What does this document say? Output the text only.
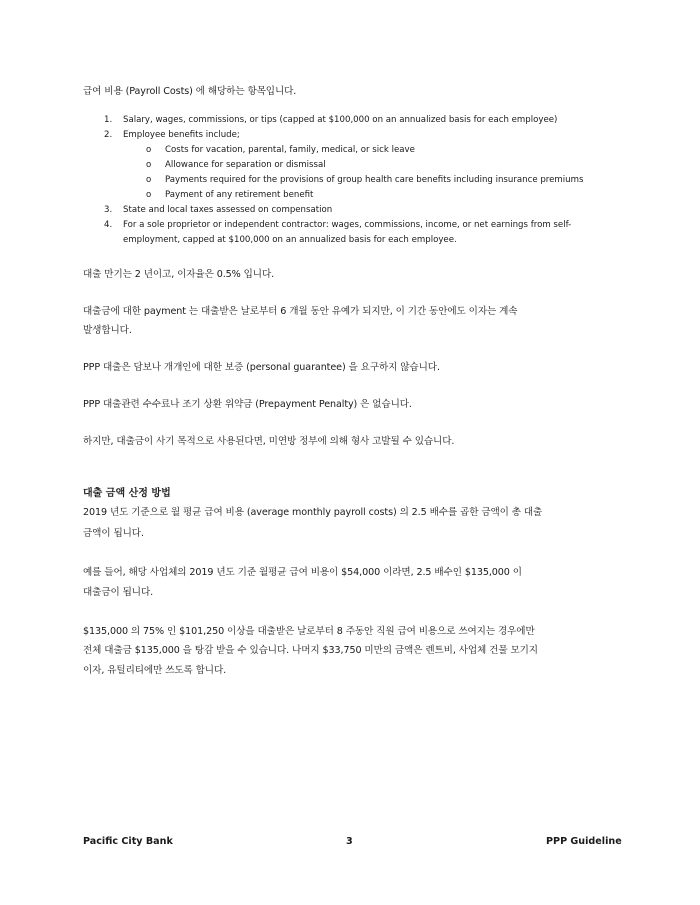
급여 비용 (Payroll Costs) 에 해당하는 항목입니다.
1. Salary, wages, commissions, or tips (capped at $100,000 on an annualized basis for each employee)
2. Employee benefits include;
o Costs for vacation, parental, family, medical, or sick leave
o Allowance for separation or dismissal
o Payments required for the provisions of group health care benefits including insurance premiums
o Payment of any retirement benefit
3. State and local taxes assessed on compensation
4. For a sole proprietor or independent contractor: wages, commissions, income, or net earnings from self-
employment, capped at $100,000 on an annualized basis for each employee.
대출 만기는 2 년이고, 이자율은 0.5% 입니다.
대출금에 대한 payment 는 대출받은 날로부터 6 개월 동안 유예가 되지만, 이 기간 동안에도 이자는 계속
발생합니다.
PPP 대출은 담보나 개개인에 대한 보증 (personal guarantee) 을 요구하지 않습니다.
PPP 대출관련 수수료나 조기 상환 위약금 (Prepayment Penalty) 은 없습니다.
하지만, 대출금이 사기 목적으로 사용된다면, 미연방 정부에 의해 형사 고발될 수 있습니다.
대출 금액 산정 방법
2019 년도 기준으로 월 평균 급여 비용 (average monthly payroll costs) 의 2.5 배수를 곱한 금액이 총 대출
금액이 됩니다.
예를 들어, 해당 사업체의 2019 년도 기준 월평균 급여 비용이 $54,000 이라면, 2.5 배수인 $135,000 이
대출금이 됩니다.
$135,000 의 75% 인 $101,250 이상을 대출받은 날로부터 8 주동안 직원 급여 비용으로 쓰여지는 경우에만
전체 대출금 $135,000 을 탕감 받을 수 있습니다. 나머지 $33,750 미만의 금액은 렌트비, 사업체 건물 모기지
이자, 유틸리티에만 쓰도록 합니다.
Pacific City Bank	3	PPP Guideline
